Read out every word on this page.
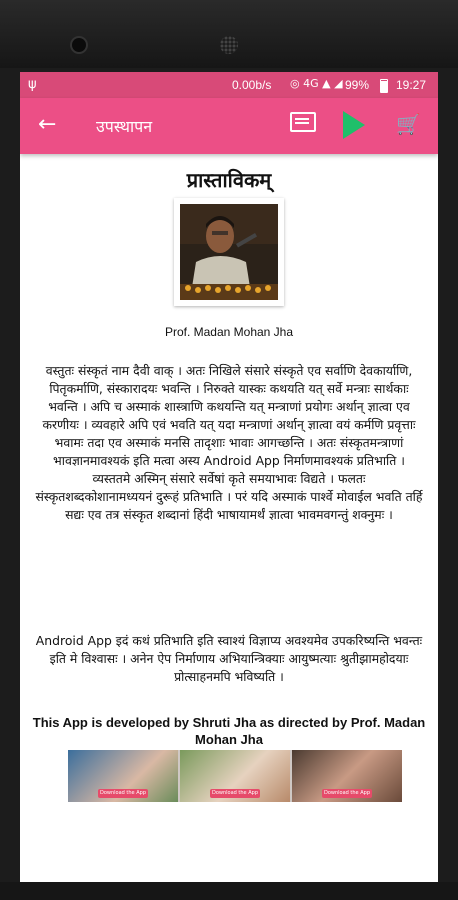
ψ	0.00b/s ◎ 4G ▲ ◢ 99% 19:27
← उपस्थापन	🛒
प्रास्ताविकम्
Prof. Madan Mohan Jha
वस्तुतः संस्कृतं नाम दैवी वाक् । अतः निखिले संसारे संस्कृते एव सर्वाणि देवकार्याणि, पितृकर्माणि, संस्कारादयः भवन्ति । निरुक्ते यास्कः कथयति यत् सर्वे मन्त्राः सार्थकाः भवन्ति । अपि च अस्माकं शास्त्राणि कथयन्ति यत् मन्त्राणां प्रयोगः अर्थान् ज्ञात्वा एव करणीयः । व्यवहारे अपि एवं भवति यत् यदा मन्त्राणां अर्थान् ज्ञात्वा वयं कर्मणि प्रवृत्ताः भवामः तदा एव अस्माकं मनसि तादृशाः भावाः आगच्छन्ति । अतः संस्कृतमन्त्राणां भावज्ञानमावश्यकं इति मत्वा अस्य Android App निर्माणमावश्यकं प्रतिभाति । व्यस्ततमे अस्मिन् संसारे सर्वेषां कृते समयाभावः विद्यते । फलतः संस्कृतशब्दकोशानामध्ययनं दुरूहं प्रतिभाति । परं यदि अस्माकं पार्श्वे मोवाईल भवति तर्हि सद्यः एव तत्र संस्कृत शब्दानां हिंदी भाषायामर्थं ज्ञात्वा भावमवगन्तुं शक्नुमः ।
Android App इदं कथं प्रतिभाति इति स्वाश्यं विज्ञाप्य अवश्यमेव उपकरिष्यन्ति भवन्तः इति मे विश्वासः । अनेन ऐप निर्माणाय अभियान्त्रिक्याः आयुष्मत्याः श्रुतीझामहोदयाः प्रोत्साहनमपि भविष्यति ।
This App is developed by Shruti Jha as directed by Prof. Madan Mohan Jha
Download the App	Download the App	Download the App
